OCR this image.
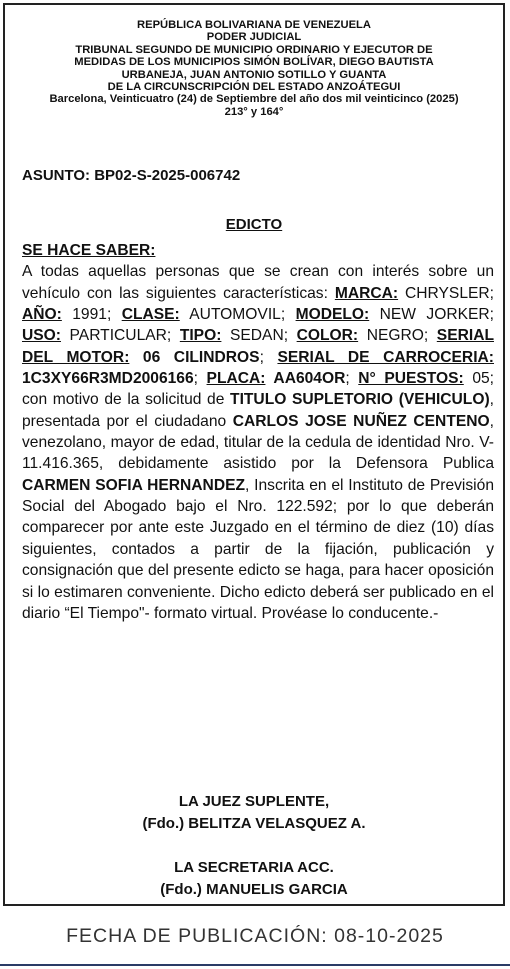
REPÚBLICA BOLIVARIANA DE VENEZUELA
PODER JUDICIAL
TRIBUNAL SEGUNDO DE MUNICIPIO ORDINARIO Y EJECUTOR DE
MEDIDAS DE LOS MUNICIPIOS SIMÓN BOLÍVAR, DIEGO BAUTISTA
URBANEJA, JUAN ANTONIO SOTILLO Y GUANTA
DE LA CIRCUNSCRIPCIÓN DEL ESTADO ANZOÁTEGUI
Barcelona, Veinticuatro (24) de Septiembre del año dos mil veinticinco (2025)
213° y 164°
ASUNTO: BP02-S-2025-006742
EDICTO
SE HACE SABER:
A todas aquellas personas que se crean con interés sobre un vehículo con las siguientes características: MARCA: CHRYSLER; AÑO: 1991; CLASE: AUTOMOVIL; MODELO: NEW JORKER; USO: PARTICULAR; TIPO: SEDAN; COLOR: NEGRO; SERIAL DEL MOTOR: 06 CILINDROS; SERIAL DE CARROCERIA: 1C3XY66R3MD2006166; PLACA: AA604OR; N° PUESTOS: 05; con motivo de la solicitud de TITULO SUPLETORIO (VEHICULO), presentada por el ciudadano CARLOS JOSE NUÑEZ CENTENO, venezolano, mayor de edad, titular de la cedula de identidad Nro. V-11.416.365, debidamente asistido por la Defensora Publica CARMEN SOFIA HERNANDEZ, Inscrita en el Instituto de Previsión Social del Abogado bajo el Nro. 122.592; por lo que deberán comparecer por ante este Juzgado en el término de diez (10) días siguientes, contados a partir de la fijación, publicación y consignación que del presente edicto se haga, para hacer oposición si lo estimaren conveniente. Dicho edicto deberá ser publicado en el diario “El Tiempo"- formato virtual. Provéase lo conducente.-
LA JUEZ SUPLENTE,
(Fdo.) BELITZA VELASQUEZ A.
LA SECRETARIA ACC.
(Fdo.) MANUELIS GARCIA
FECHA DE PUBLICACIÓN: 08-10-2025
